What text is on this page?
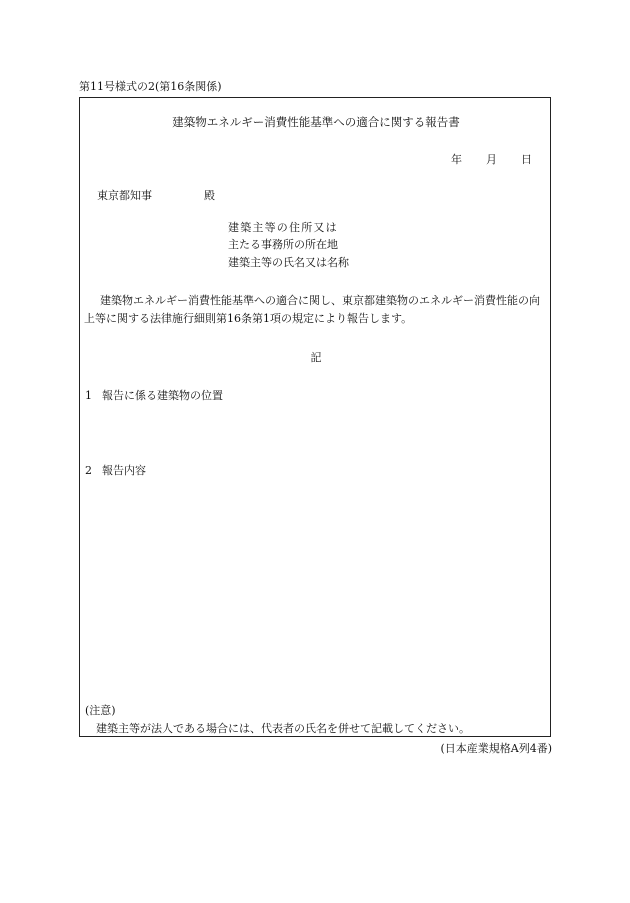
第11号様式の2(第16条関係)
建築物エネルギー消費性能基準への適合に関する報告書
年 月 日
東京都知事	殿
建築主等の住所又は
主たる事務所の所在地
建築主等の氏名又は名称
建築物エネルギー消費性能基準への適合に関し、東京都建築物のエネルギー消費性能の向上等に関する法律施行細則第16条第1項の規定により報告します。
記
1 報告に係る建築物の位置
2 報告内容
(注意)
建築主等が法人である場合には、代表者の氏名を併せて記載してください。
(日本産業規格A列4番)
